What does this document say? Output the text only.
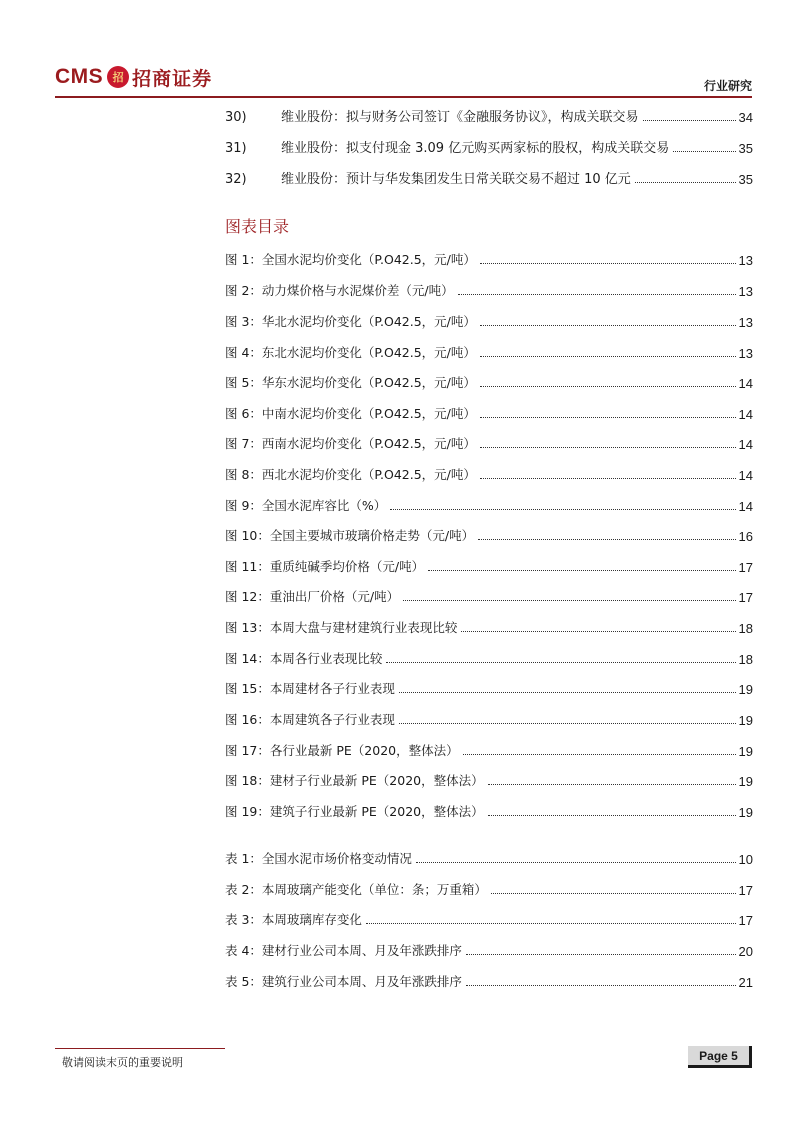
CMS 招 招商证券	行业研究
30)	维业股份：拟与财务公司签订《金融服务协议》，构成关联交易	34
31)	维业股份：拟支付现金 3.09 亿元购买两家标的股权，构成关联交易	35
32)	维业股份：预计与华发集团发生日常关联交易不超过 10 亿元	35
图表目录
图 1：全国水泥均价变化（P.O42.5，元/吨）	13
图 2：动力煤价格与水泥煤价差（元/吨）	13
图 3：华北水泥均价变化（P.O42.5，元/吨）	13
图 4：东北水泥均价变化（P.O42.5，元/吨）	13
图 5：华东水泥均价变化（P.O42.5，元/吨）	14
图 6：中南水泥均价变化（P.O42.5，元/吨）	14
图 7：西南水泥均价变化（P.O42.5，元/吨）	14
图 8：西北水泥均价变化（P.O42.5，元/吨）	14
图 9：全国水泥库容比（%）	14
图 10：全国主要城市玻璃价格走势（元/吨）	16
图 11：重质纯碱季均价格（元/吨）	17
图 12：重油出厂价格（元/吨）	17
图 13：本周大盘与建材建筑行业表现比较	18
图 14：本周各行业表现比较	18
图 15：本周建材各子行业表现	19
图 16：本周建筑各子行业表现	19
图 17：各行业最新 PE（2020，整体法）	19
图 18：建材子行业最新 PE（2020，整体法）	19
图 19：建筑子行业最新 PE（2020，整体法）	19
表 1：全国水泥市场价格变动情况	10
表 2：本周玻璃产能变化（单位：条；万重箱）	17
表 3：本周玻璃库存变化	17
表 4：建材行业公司本周、月及年涨跌排序	20
表 5：建筑行业公司本周、月及年涨跌排序	21
敬请阅读末页的重要说明	Page 5
